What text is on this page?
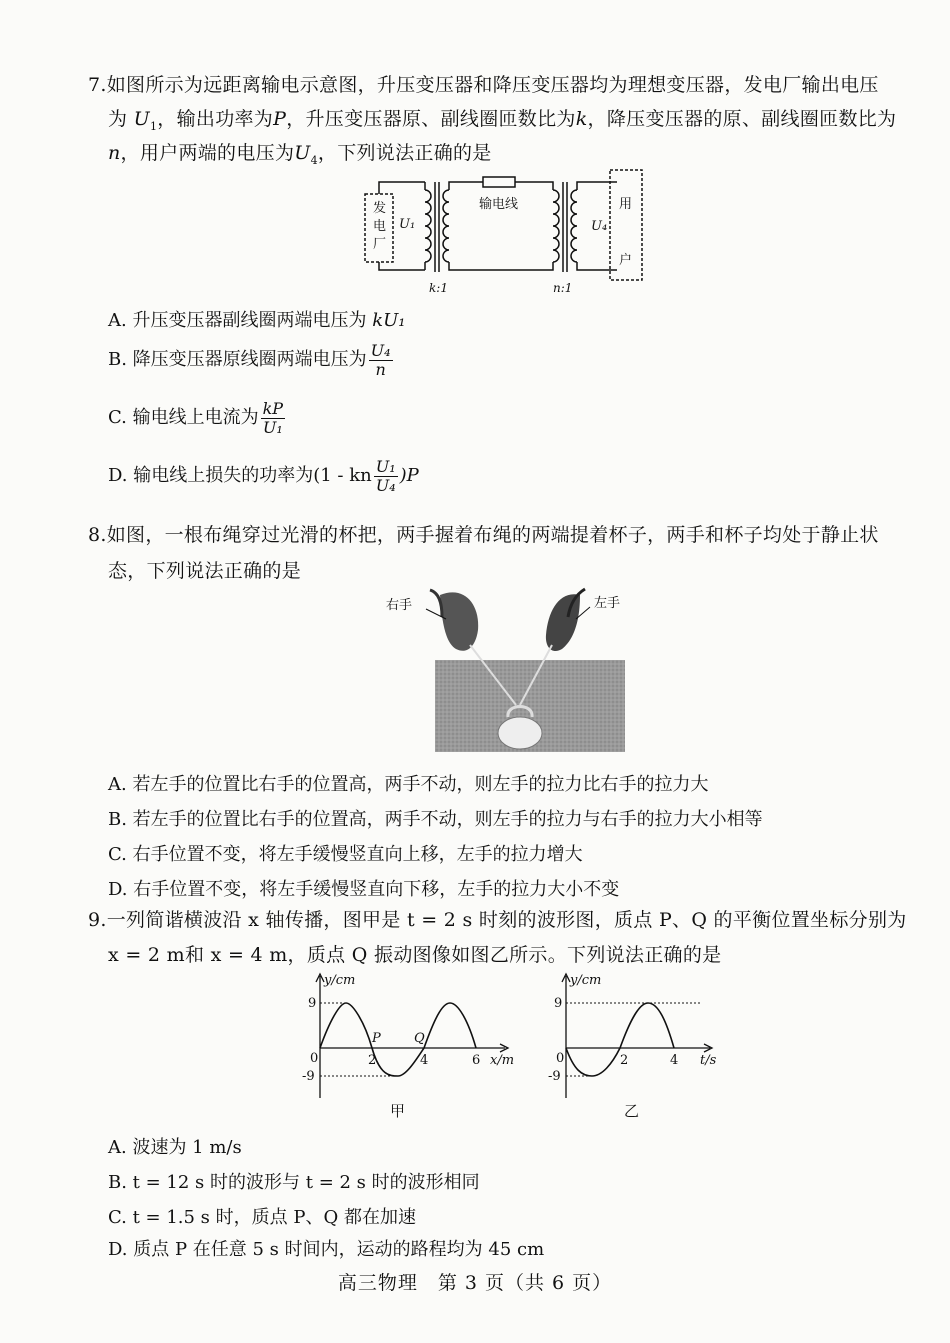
7.如图所示为远距离输电示意图，升压变压器和降压变压器均为理想变压器，发电厂输出电压
为 $U_1$，输出功率为P，升压变压器原、副线圈匝数比为k，降压变压器的原、副线圈匝数比为
n，用户两端的电压为$U_4$，下列说法正确的是
发
电
厂
U₁
输电线
U₄
用
户
k:1	n:1
A. 升压变压器副线圈两端电压为 kU₁
B. 降压变压器原线圈两端电压为 $\frac{\text{U₄}}{n}$
C. 输电线上电流为 $\frac{kP}{\text{U₁}}$
D. 输电线上损失的功率为(1 - kn $\frac{\text{U₁}}{\text{U₄}} )P$
8.如图，一根布绳穿过光滑的杯把，两手握着布绳的两端提着杯子，两手和杯子均处于静止状
态，下列说法正确的是
右手	左手
A. 若左手的位置比右手的位置高，两手不动，则左手的拉力比右手的拉力大
B. 若左手的位置比右手的位置高，两手不动，则左手的拉力与右手的拉力大小相等
C. 右手位置不变，将左手缓慢竖直向上移，左手的拉力增大
D. 右手位置不变，将左手缓慢竖直向下移，左手的拉力大小不变
9.一列简谐横波沿 x 轴传播，图甲是 t = 2 s 时刻的波形图，质点 P、Q 的平衡位置坐标分别为
x = 2 m和 x = 4 m，质点 Q 振动图像如图乙所示。下列说法正确的是
y/cm
9
-9
0	2	4	6 x/m
P	Q
甲
y/cm
9
-9
0	2	4 t/s
乙
A. 波速为 1 m/s
B. t = 12 s 时的波形与 t = 2 s 时的波形相同
C. t = 1.5 s 时，质点 P、Q 都在加速
D. 质点 P 在任意 5 s 时间内，运动的路程均为 45 cm
高三物理　第 3 页（共 6 页）
